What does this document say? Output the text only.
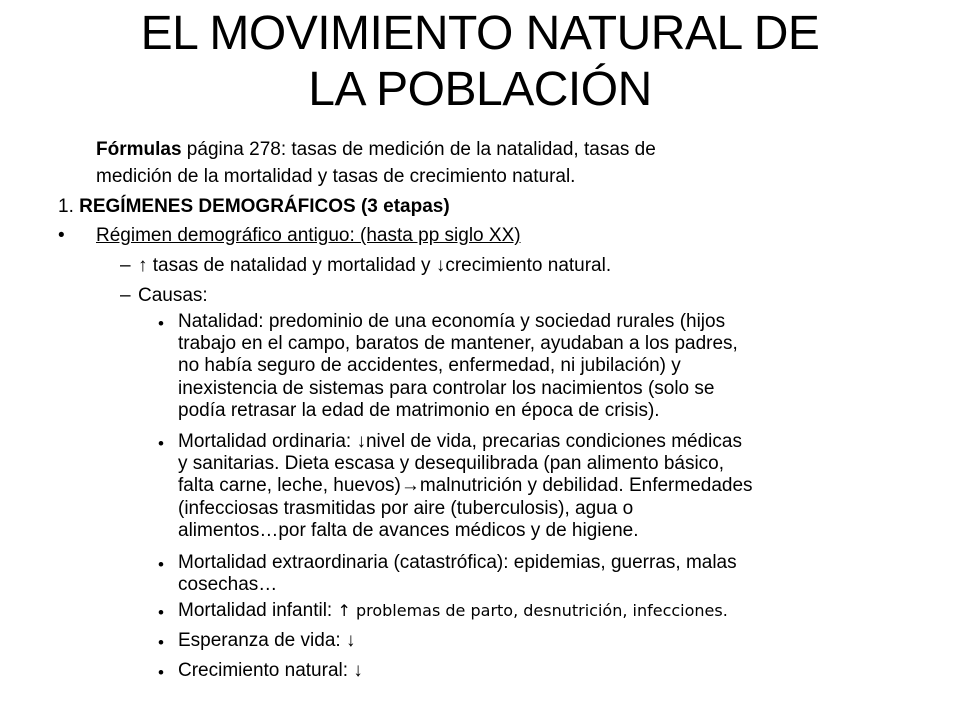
EL MOVIMIENTO NATURAL DE
LA POBLACIÓN
Fórmulas página 278: tasas de medición de la natalidad, tasas de
medición de la mortalidad y tasas de crecimiento natural.
1. REGÍMENES DEMOGRÁFICOS (3 etapas)
• Régimen demográfico antiguo: (hasta pp siglo XX)
– ↑ tasas de natalidad y mortalidad y ↓crecimiento natural.
– Causas:
• Natalidad: predominio de una economía y sociedad rurales (hijos
trabajo en el campo, baratos de mantener, ayudaban a los padres,
no había seguro de accidentes, enfermedad, ni jubilación) y
inexistencia de sistemas para controlar los nacimientos (solo se
podía retrasar la edad de matrimonio en época de crisis).
• Mortalidad ordinaria: ↓nivel de vida, precarias condiciones médicas
y sanitarias. Dieta escasa y desequilibrada (pan alimento básico,
falta carne, leche, huevos)→malnutrición y debilidad. Enfermedades
(infecciosas trasmitidas por aire (tuberculosis), agua o
alimentos…por falta de avances médicos y de higiene.
• Mortalidad extraordinaria (catastrófica): epidemias, guerras, malas
cosechas…
• Mortalidad infantil: ↑ problemas de parto, desnutrición, infecciones.
• Esperanza de vida: ↓
• Crecimiento natural: ↓
